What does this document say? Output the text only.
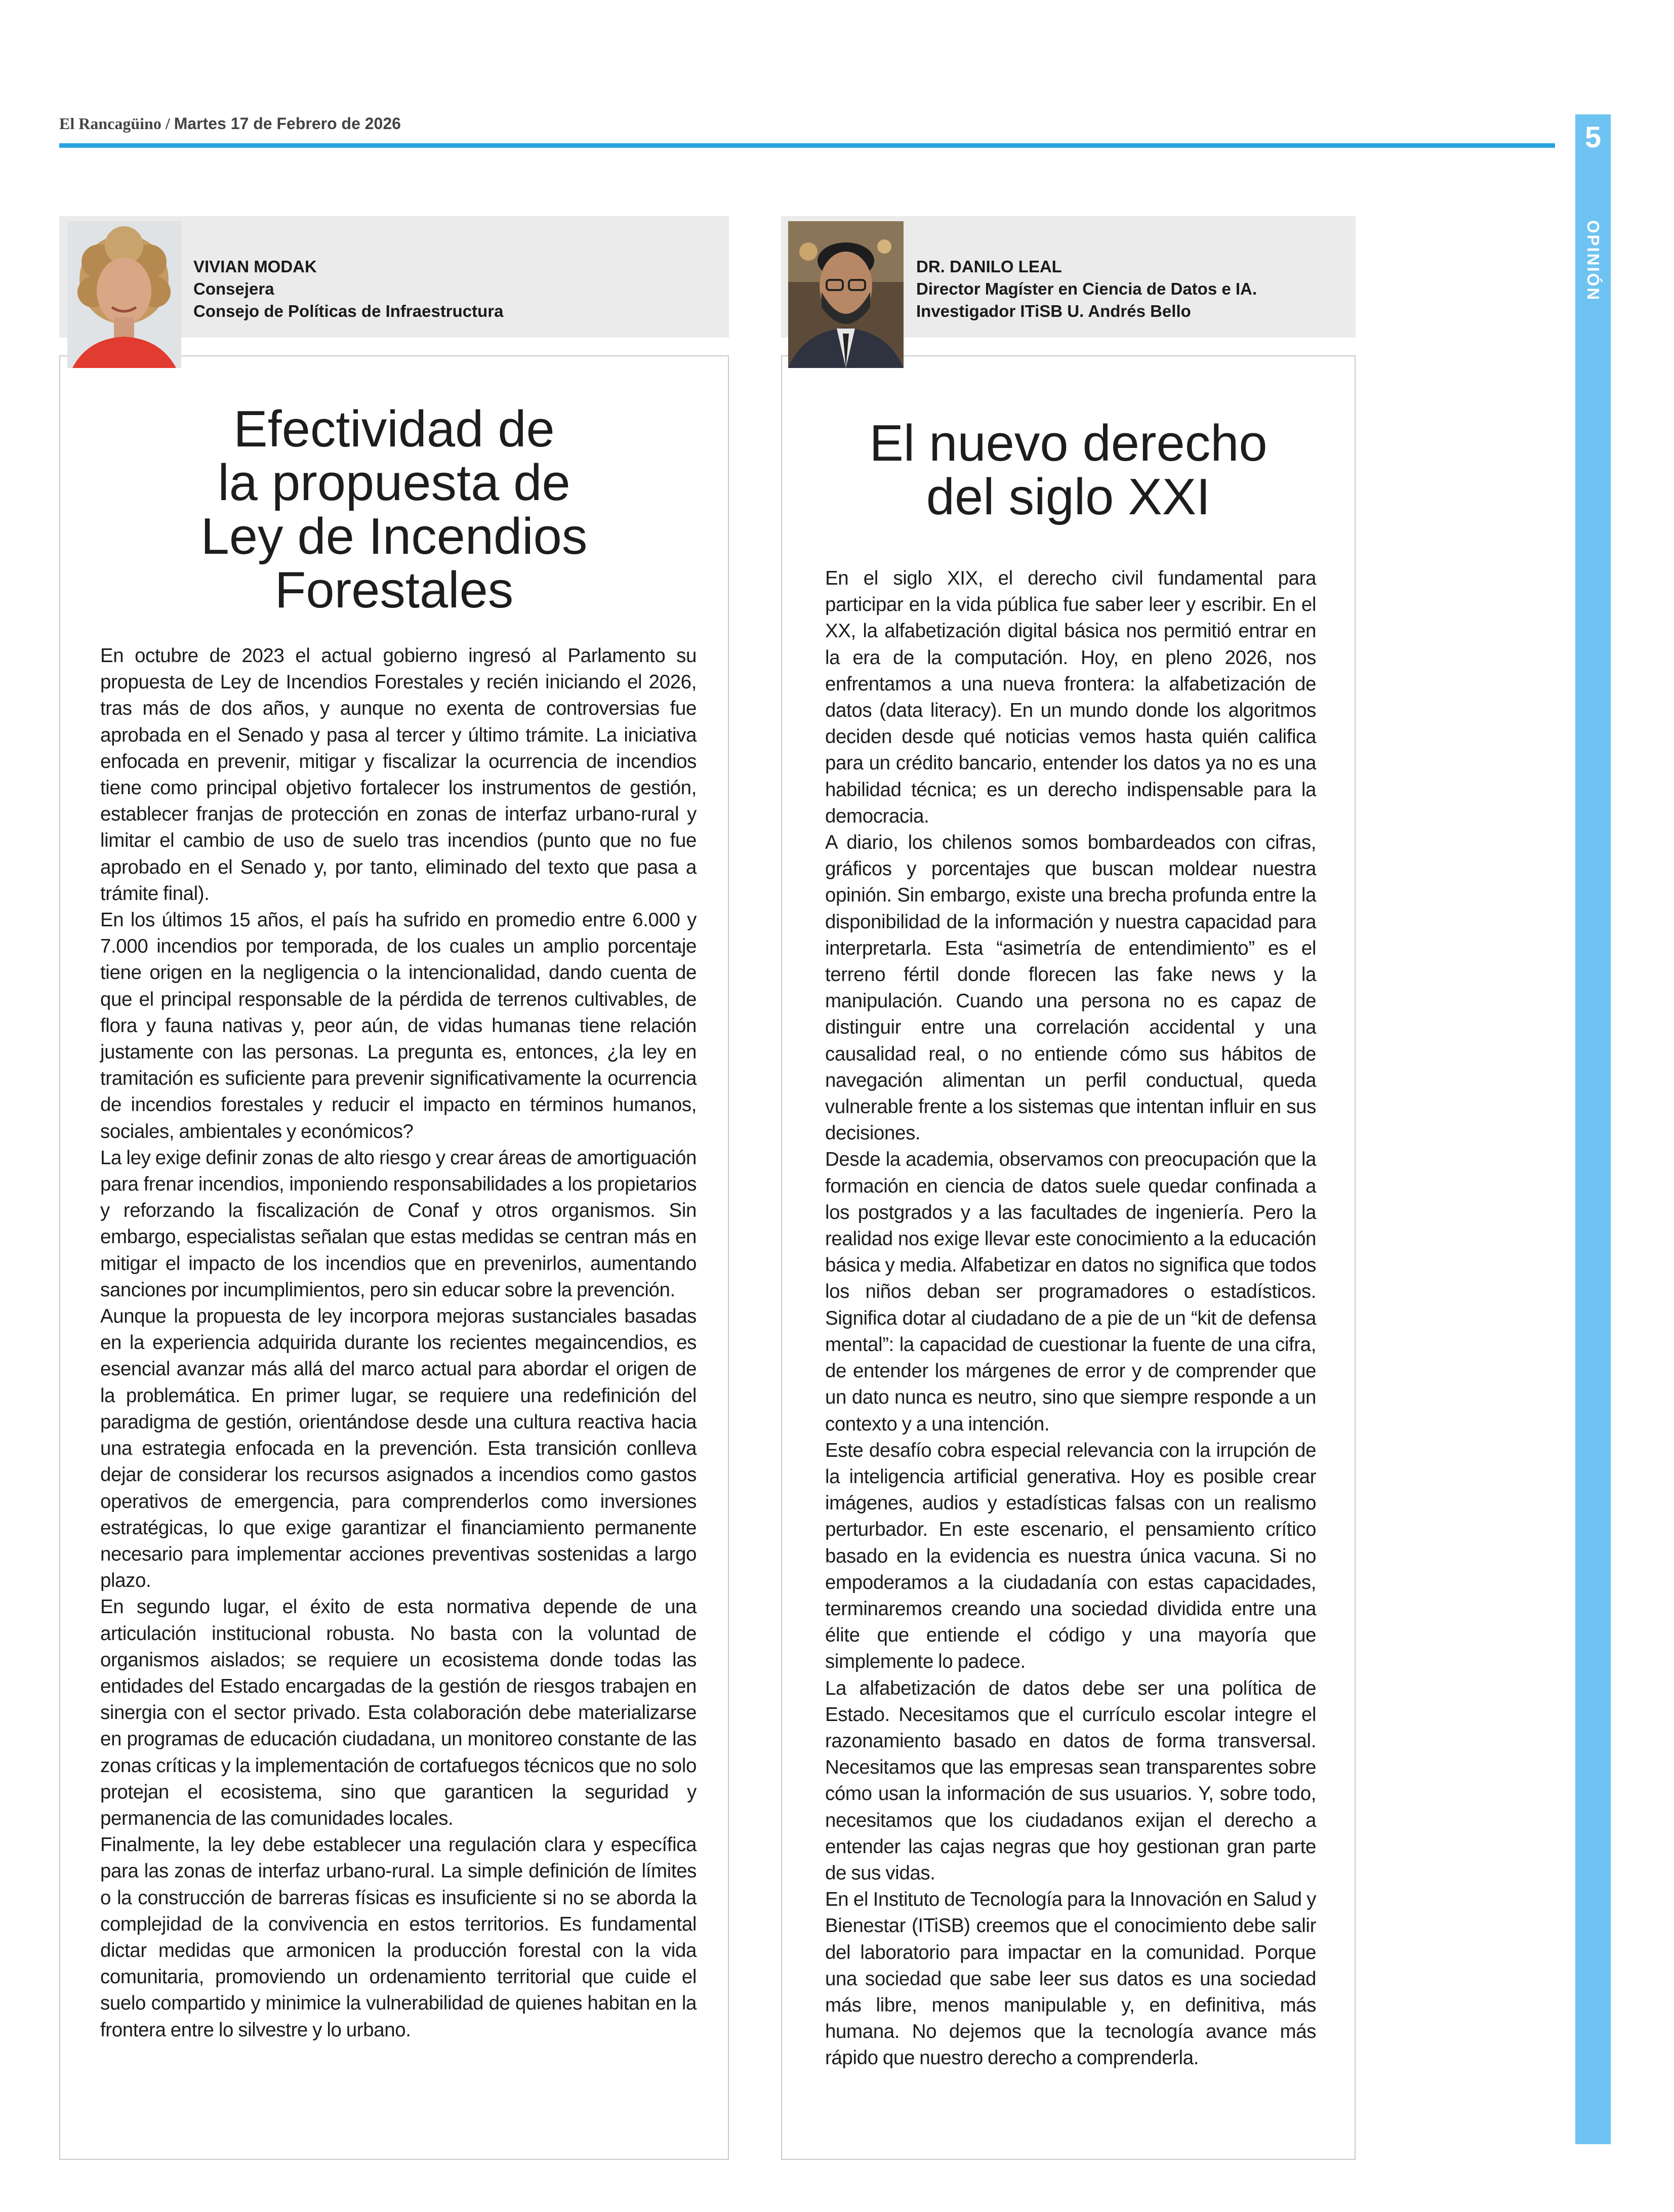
El Rancagüino / Martes 17 de Febrero de 2026	5
OPINIÓN
VIVIAN MODAK
Consejera
Consejo de Políticas de Infraestructura
Efectividad de
la propuesta de
Ley de Incendios
Forestales

En octubre de 2023 el actual gobierno ingresó al Parlamento su propuesta de Ley de Incendios Forestales y recién iniciando el 2026, tras más de dos años, y aunque no exenta de controversias fue aprobada en el Senado y pasa al tercer y último trámite. La iniciativa enfocada en prevenir, mitigar y fiscalizar la ocurrencia de incendios tiene como principal objetivo fortalecer los instrumentos de gestión, establecer franjas de protección en zonas de interfaz urbano-rural y limitar el cambio de uso de suelo tras incendios (punto que no fue aprobado en el Senado y, por tanto, eliminado del texto que pasa a trámite final).

En los últimos 15 años, el país ha sufrido en promedio entre 6.000 y 7.000 incendios por temporada, de los cuales un amplio porcentaje tiene origen en la negligencia o la intencionalidad, dando cuenta de que el principal responsable de la pérdida de terrenos cultivables, de flora y fauna nativas y, peor aún, de vidas humanas tiene relación justamente con las personas. La pregunta es, entonces, ¿la ley en tramitación es suficiente para prevenir significativamente la ocurrencia de incendios forestales y reducir el impacto en términos humanos, sociales, ambientales y económicos?

La ley exige definir zonas de alto riesgo y crear áreas de amortiguación para frenar incendios, imponiendo responsabilidades a los propietarios y reforzando la fiscalización de Conaf y otros organismos. Sin embargo, especialistas señalan que estas medidas se centran más en mitigar el impacto de los incendios que en prevenirlos, aumentando sanciones por incumplimientos, pero sin educar sobre la prevención.

Aunque la propuesta de ley incorpora mejoras sustanciales basadas en la experiencia adquirida durante los recientes megaincendios, es esencial avanzar más allá del marco actual para abordar el origen de la problemática. En primer lugar, se requiere una redefinición del paradigma de gestión, orientándose desde una cultura reactiva hacia una estrategia enfocada en la prevención. Esta transición conlleva dejar de considerar los recursos asignados a incendios como gastos operativos de emergencia, para comprenderlos como inversiones estratégicas, lo que exige garantizar el financiamiento permanente necesario para implementar acciones preventivas sostenidas a largo plazo.

En segundo lugar, el éxito de esta normativa depende de una articulación institucional robusta. No basta con la voluntad de organismos aislados; se requiere un ecosistema donde todas las entidades del Estado encargadas de la gestión de riesgos trabajen en sinergia con el sector privado. Esta colaboración debe materializarse en programas de educación ciudadana, un monitoreo constante de las zonas críticas y la implementación de cortafuegos técnicos que no solo protejan el ecosistema, sino que garanticen la seguridad y permanencia de las comunidades locales.

Finalmente, la ley debe establecer una regulación clara y específica para las zonas de interfaz urbano-rural. La simple definición de límites o la construcción de barreras físicas es insuficiente si no se aborda la complejidad de la convivencia en estos territorios. Es fundamental dictar medidas que armonicen la producción forestal con la vida comunitaria, promoviendo un ordenamiento territorial que cuide el suelo compartido y minimice la vulnerabilidad de quienes habitan en la frontera entre lo silvestre y lo urbano.

DR. DANILO LEAL
Director Magíster en Ciencia de Datos e IA.
Investigador ITiSB U. Andrés Bello
El nuevo derecho
del siglo XXI

En el siglo XIX, el derecho civil fundamental para participar en la vida pública fue saber leer y escribir. En el XX, la alfabetización digital básica nos permitió entrar en la era de la computación. Hoy, en pleno 2026, nos enfrentamos a una nueva frontera: la alfabetización de datos (data literacy). En un mundo donde los algoritmos deciden desde qué noticias vemos hasta quién califica para un crédito bancario, entender los datos ya no es una habilidad técnica; es un derecho indispensable para la democracia.

A diario, los chilenos somos bombardeados con cifras, gráficos y porcentajes que buscan moldear nuestra opinión. Sin embargo, existe una brecha profunda entre la disponibilidad de la información y nuestra capacidad para interpretarla. Esta “asimetría de entendimiento” es el terreno fértil donde florecen las fake news y la manipulación. Cuando una persona no es capaz de distinguir entre una correlación accidental y una causalidad real, o no entiende cómo sus hábitos de navegación alimentan un perfil conductual, queda vulnerable frente a los sistemas que intentan influir en sus decisiones.

Desde la academia, observamos con preocupación que la formación en ciencia de datos suele quedar confinada a los postgrados y a las facultades de ingeniería. Pero la realidad nos exige llevar este conocimiento a la educación básica y media. Alfabetizar en datos no significa que todos los niños deban ser programadores o estadísticos. Significa dotar al ciudadano de a pie de un “kit de defensa mental”: la capacidad de cuestionar la fuente de una cifra, de entender los márgenes de error y de comprender que un dato nunca es neutro, sino que siempre responde a un contexto y a una intención.

Este desafío cobra especial relevancia con la irrupción de la inteligencia artificial generativa. Hoy es posible crear imágenes, audios y estadísticas falsas con un realismo perturbador. En este escenario, el pensamiento crítico basado en la evidencia es nuestra única vacuna. Si no empoderamos a la ciudadanía con estas capacidades, terminaremos creando una sociedad dividida entre una élite que entiende el código y una mayoría que simplemente lo padece.

La alfabetización de datos debe ser una política de Estado. Necesitamos que el currículo escolar integre el razonamiento basado en datos de forma transversal. Necesitamos que las empresas sean transparentes sobre cómo usan la información de sus usuarios. Y, sobre todo, necesitamos que los ciudadanos exijan el derecho a entender las cajas negras que hoy gestionan gran parte de sus vidas.

En el Instituto de Tecnología para la Innovación en Salud y Bienestar (ITiSB) creemos que el conocimiento debe salir del laboratorio para impactar en la comunidad. Porque una sociedad que sabe leer sus datos es una sociedad más libre, menos manipulable y, en definitiva, más humana. No dejemos que la tecnología avance más rápido que nuestro derecho a comprenderla.
